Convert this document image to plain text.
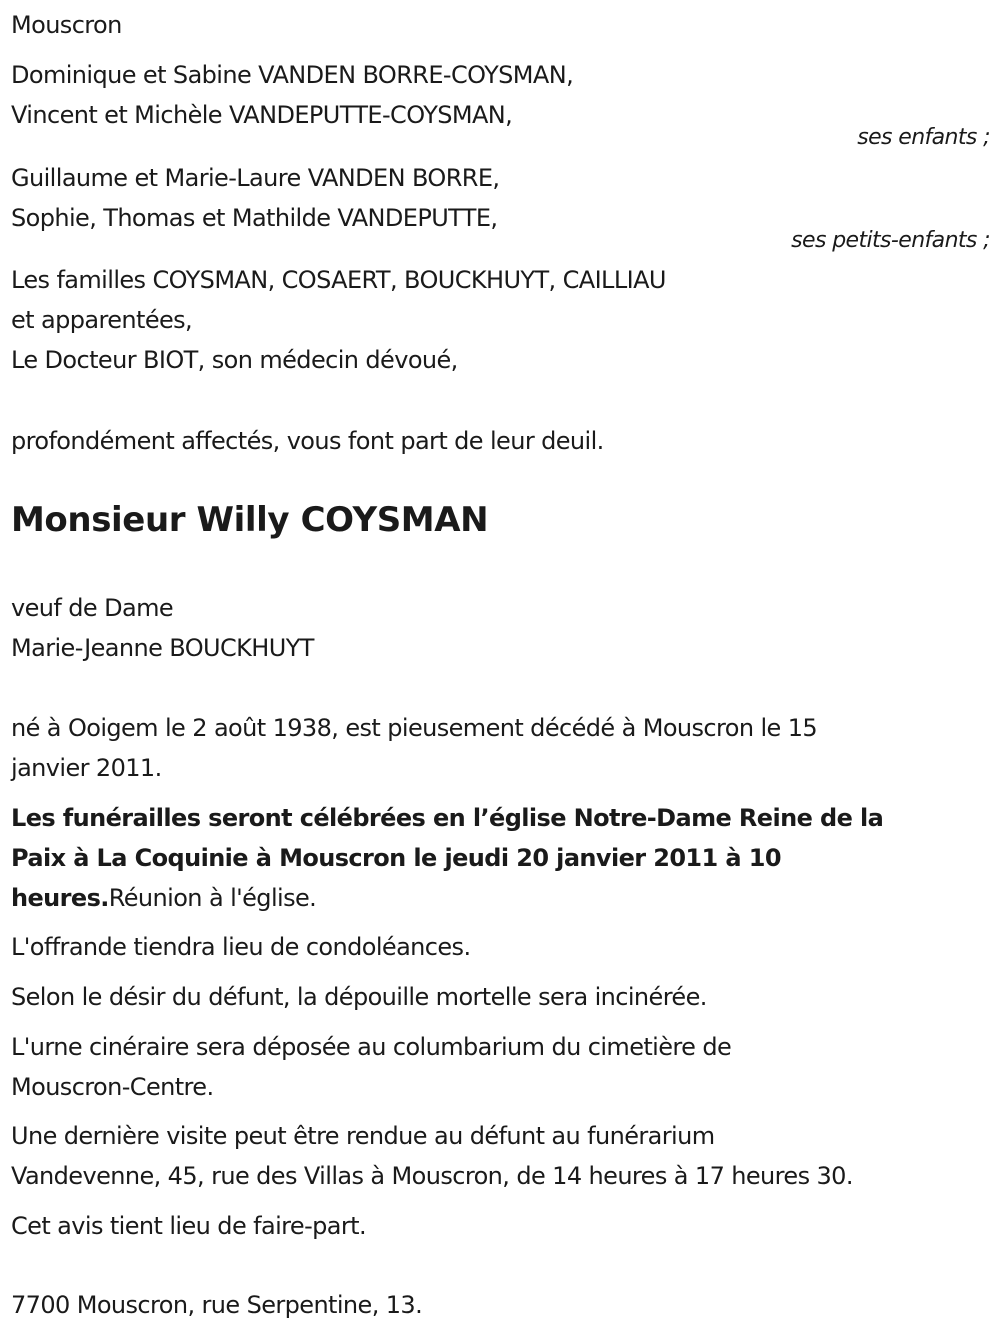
Mouscron
Dominique et Sabine VANDEN BORRE-COYSMAN,
Vincent et Michèle VANDEPUTTE-COYSMAN,
ses enfants ;
Guillaume et Marie-Laure VANDEN BORRE,
Sophie, Thomas et Mathilde VANDEPUTTE,
ses petits-enfants ;
Les familles COYSMAN, COSAERT, BOUCKHUYT, CAILLIAU
et apparentées,
Le Docteur BIOT, son médecin dévoué,
profondément affectés, vous font part de leur deuil.
Monsieur Willy COYSMAN
veuf de Dame
Marie-Jeanne BOUCKHUYT
né à Ooigem le 2 août 1938, est pieusement décédé à Mouscron le 15
janvier 2011.
Les funérailles seront célébrées en l’église Notre-Dame Reine de la
Paix à La Coquinie à Mouscron le jeudi 20 janvier 2011 à 10
heures.Réunion à l'église.
L'offrande tiendra lieu de condoléances.
Selon le désir du défunt, la dépouille mortelle sera incinérée.
L'urne cinéraire sera déposée au columbarium du cimetière de
Mouscron-Centre.
Une dernière visite peut être rendue au défunt au funérarium
Vandevenne, 45, rue des Villas à Mouscron, de 14 heures à 17 heures 30.
Cet avis tient lieu de faire-part.
7700 Mouscron, rue Serpentine, 13.
